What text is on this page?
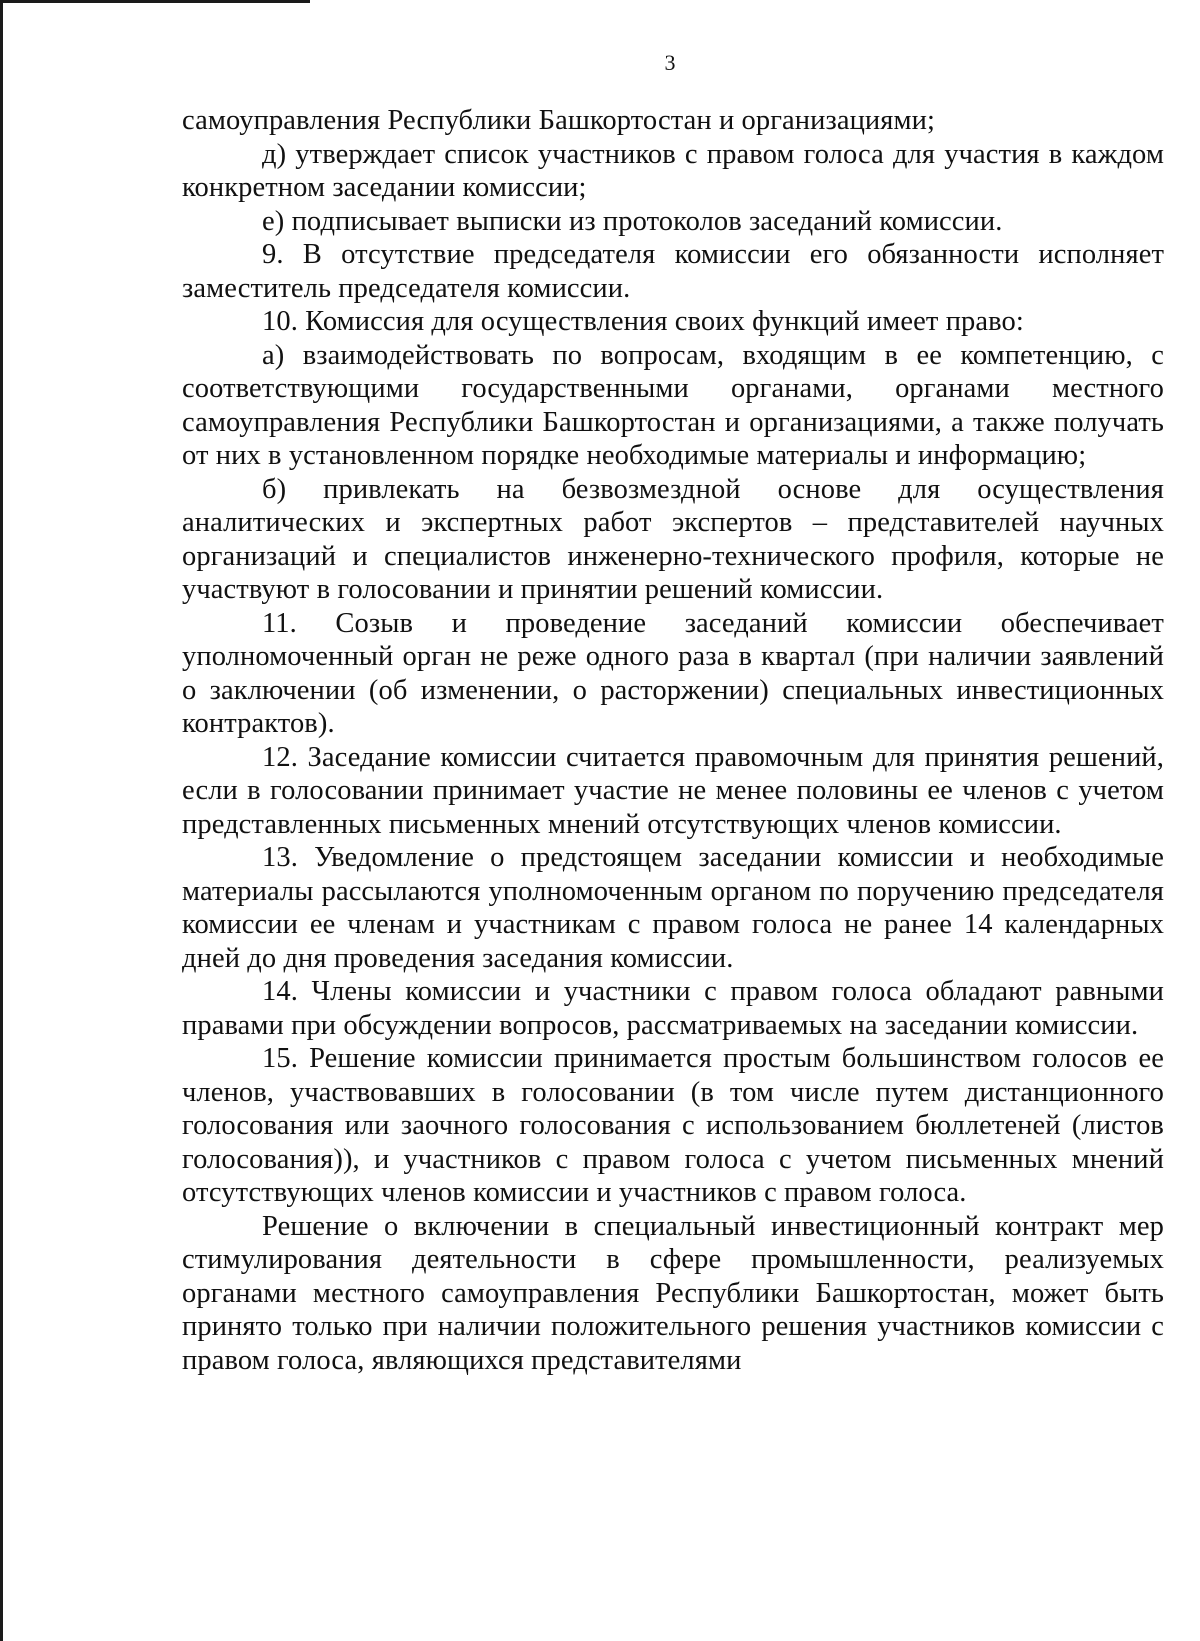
3

самоуправления Республики Башкортостан и организациями;

д) утверждает список участников с правом голоса для участия в каждом конкретном заседании комиссии;

е) подписывает выписки из протоколов заседаний комиссии.

9. В отсутствие председателя комиссии его обязанности исполняет заместитель председателя комиссии.

10. Комиссия для осуществления своих функций имеет право:

а) взаимодействовать по вопросам, входящим в ее компетенцию, с соответствующими государственными органами, органами местного самоуправления Республики Башкортостан и организациями, а также получать от них в установленном порядке необходимые материалы и информацию;

б) привлекать на безвозмездной основе для осуществления аналитических и экспертных работ экспертов – представителей научных организаций и специалистов инженерно-технического профиля, которые не участвуют в голосовании и принятии решений комиссии.

11. Созыв и проведение заседаний комиссии обеспечивает уполномоченный орган не реже одного раза в квартал (при наличии заявлений о заключении (об изменении, о расторжении) специальных инвестиционных контрактов).

12. Заседание комиссии считается правомочным для принятия решений, если в голосовании принимает участие не менее половины ее членов с учетом представленных письменных мнений отсутствующих членов комиссии.

13. Уведомление о предстоящем заседании комиссии и необходимые материалы рассылаются уполномоченным органом по поручению председателя комиссии ее членам и участникам с правом голоса не ранее 14 календарных дней до дня проведения заседания комиссии.

14. Члены комиссии и участники с правом голоса обладают равными правами при обсуждении вопросов, рассматриваемых на заседании комиссии.

15. Решение комиссии принимается простым большинством голосов ее членов, участвовавших в голосовании (в том числе путем дистанционного голосования или заочного голосования с использованием бюллетеней (листов голосования)), и участников с правом голоса с учетом письменных мнений отсутствующих членов комиссии и участников с правом голоса.

Решение о включении в специальный инвестиционный контракт мер стимулирования деятельности в сфере промышленности, реализуемых органами местного самоуправления Республики Башкортостан, может быть принято только при наличии положительного решения участников комиссии с правом голоса, являющихся представителями
